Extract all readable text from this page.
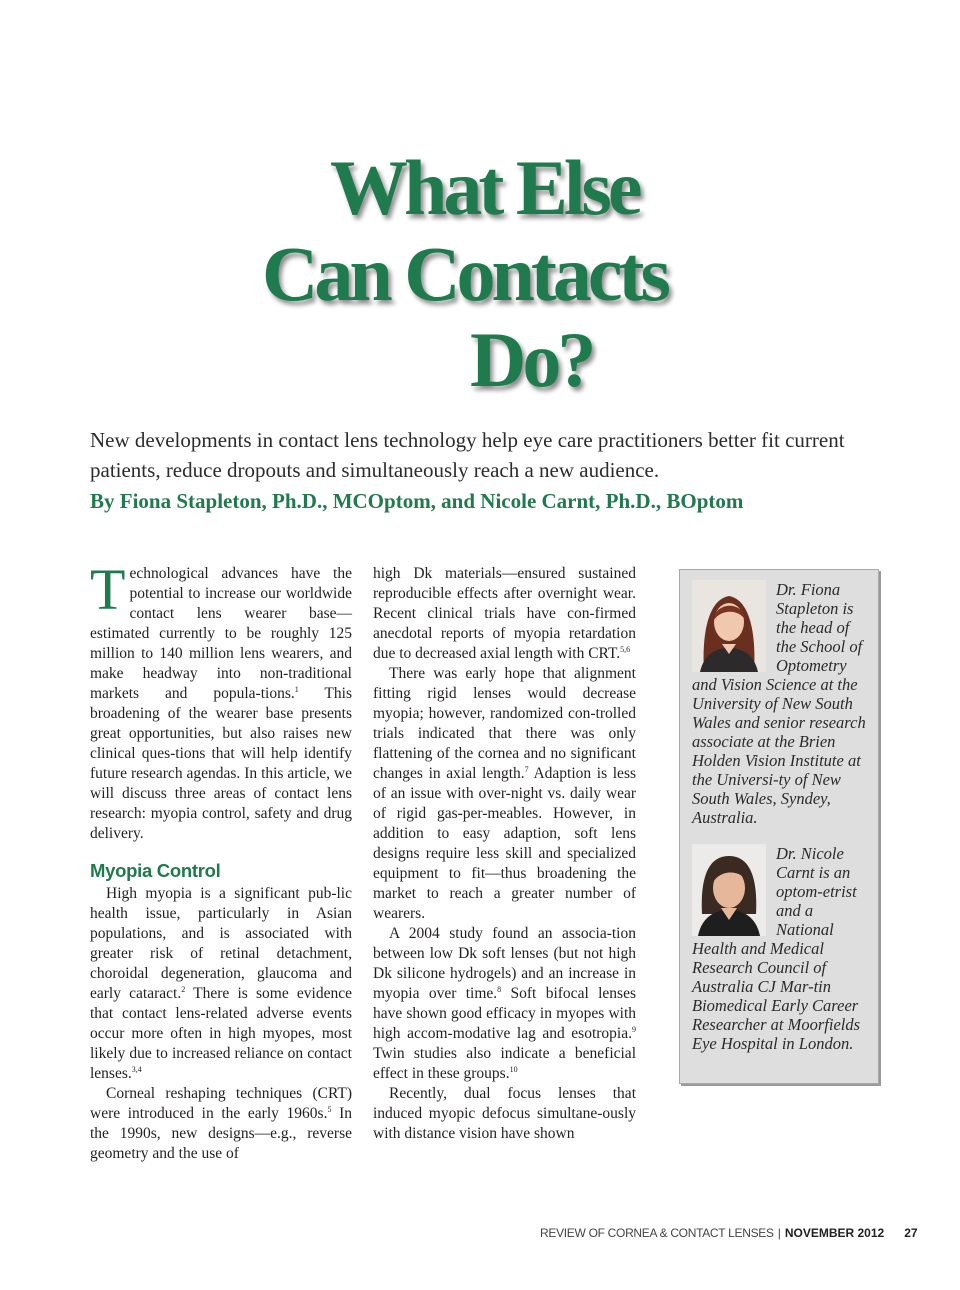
What Else
Can Contacts
Do?

New developments in contact lens technology help eye care practitioners better fit current patients, reduce dropouts and simultaneously reach a new audience.

By Fiona Stapleton, Ph.D., MCOptom, and Nicole Carnt, Ph.D., BOptom

Technological advances have the potential to increase our worldwide contact lens wearer base—estimated currently to be roughly 125 million to 140 million lens wearers, and make headway into non-traditional markets and popula-tions.$^1$ This broadening of the wearer base presents great opportunities, but also raises new clinical ques-tions that will help identify future research agendas. In this article, we will discuss three areas of contact lens research: myopia control, safety and drug delivery.

Myopia Control

High myopia is a significant pub-lic health issue, particularly in Asian populations, and is associated with greater risk of retinal detachment, choroidal degeneration, glaucoma and early cataract.$^2$ There is some evidence that contact lens-related adverse events occur more often in high myopes, most likely due to increased reliance on contact lenses.$^{3,4}$

Corneal reshaping techniques (CRT) were introduced in the early 1960s.$^5$ In the 1990s, new designs—e.g., reverse geometry and the use of

high Dk materials—ensured sustained reproducible effects after overnight wear. Recent clinical trials have con-firmed anecdotal reports of myopia retardation due to decreased axial length with CRT.$^{5,6}$

There was early hope that alignment fitting rigid lenses would decrease myopia; however, randomized con-trolled trials indicated that there was only flattening of the cornea and no significant changes in axial length.$^7$ Adaption is less of an issue with over-night vs. daily wear of rigid gas-per-meables. However, in addition to easy adaption, soft lens designs require less skill and specialized equipment to fit—thus broadening the market to reach a greater number of wearers.

A 2004 study found an associa-tion between low Dk soft lenses (but not high Dk silicone hydrogels) and an increase in myopia over time.$^8$ Soft bifocal lenses have shown good efficacy in myopes with high accom-modative lag and esotropia.$^9$ Twin studies also indicate a beneficial effect in these groups.$^{10}$

Recently, dual focus lenses that induced myopic defocus simultane-ously with distance vision have shown

Dr. Fiona Stapleton is the head of the School of Optometry and Vision Science at the University of New South Wales and senior research associate at the Brien Holden Vision Institute at the Universi-ty of New South Wales, Syndey, Australia.

Dr. Nicole Carnt is an optom-etrist and a National Health and Medical Research Council of Australia CJ Mar-tin Biomedical Early Career Researcher at Moorfields Eye Hospital in London.

REVIEW OF CORNEA & CONTACT LENSES | NOVEMBER 2012 27
